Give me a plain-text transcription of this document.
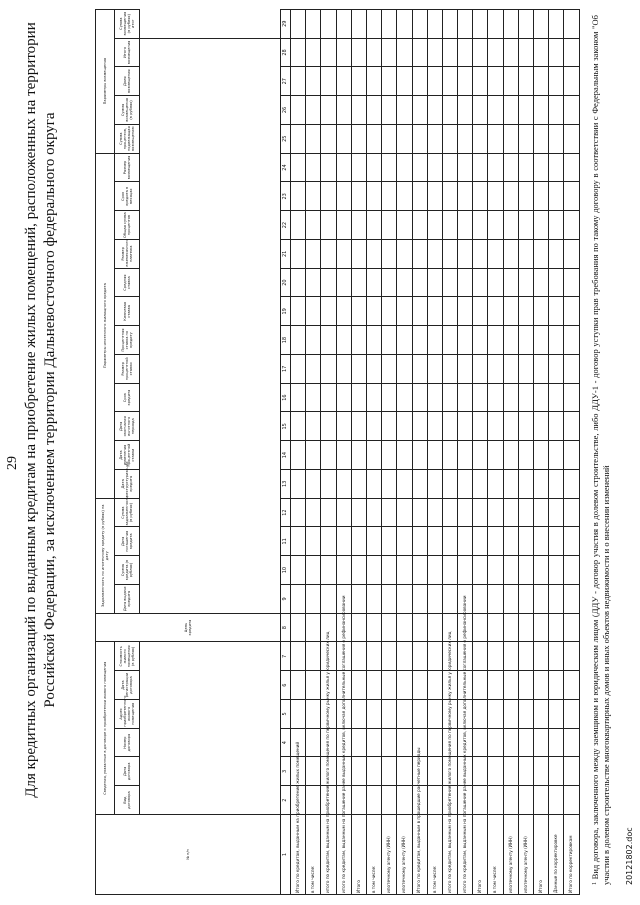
29 Для кредитных организаций по выданным кредитам на приобретение жилых помещений, расположенных на территории Российской Федерации, за исключением территории Дальневосточного федерального округа
№ п/п	Сведения, указанные в договоре о приобретении жилого помещения						Цель кредита	Задолженность по ипотечному кредиту (в рублях) на дату				Параметры ипотечного жилищного кредита												Параметры возмещения				
	Вид договора	Дата договора	Номер договора	Адрес приобретенного жилого помещения	Дата регистрации договора	Стоимость жилого помещения (в рублях)		Дата выдачи кредита	Сумма кредита (в рублях)	Дата погашения кредита	Сумма задолженности (в рублях)	Дата реструктуризации кредита	Дата изменения процентной ставки	Дата окончания льготного периода	Срок кредита	Размер процентной ставки	Процентная ставка по кредиту	Ключевая ставка	Средняя ставка	Размер ежемесячного платежа	Общая сумма процентов	Срок кредита в месяцах	Размер возмещения	Сумма процентов, подлежащая возмещению	Сумма возмещения (в рублях)	Доля возмещения	Итого возмещения	Сумма возмещения (в рублях) итог

1	2	3	4	5	6	7	8	9	10	11	12	13	14	15	16	17	18	19	20	21	22	23	24	25	26	27	28	29
Итого по кредитам, выданным на приобретение жилых помещений																												
в том числе:																												
итого по кредитам, выданным на приобретение жилого помещения по первичному рынку жилья у юридических лиц																												
итого по кредитам, выданным на погашение ранее выданных кредитов, включая дополнительные соглашения о рефинансировании																												
Итого																												
в том числе:																												
ипотечному агенту (ИНН)																												
ипотечному агенту (ИНН)																												
Итого по кредитам, выданным в прошедшие расчетные периоды																												
в том числе:																												
итого по кредитам, выданным на приобретение жилого помещения по первичному рынку жилья у юридических лиц																												
итого по кредитам, выданным на погашение ранее выданных кредитов, включая дополнительные соглашения о рефинансировании																												
Итого																												
в том числе:																												
ипотечному агенту (ИНН)																												
ипотечному агенту (ИНН)																												
Итого																												
Данные по корректировке																												
Итого по корректировкам																													$^1$ Вид договора, заключенного между заемщиком и юридическим лицом (ДДУ - договор участия в долевом строительстве, либо ДДУ-1 - договор уступки прав требования по такому договору в соответствии с Федеральным законом "Об участии в долевом строительстве многоквартирных домов и иных объектов недвижимости и о внесении изменений 20121802.doc
